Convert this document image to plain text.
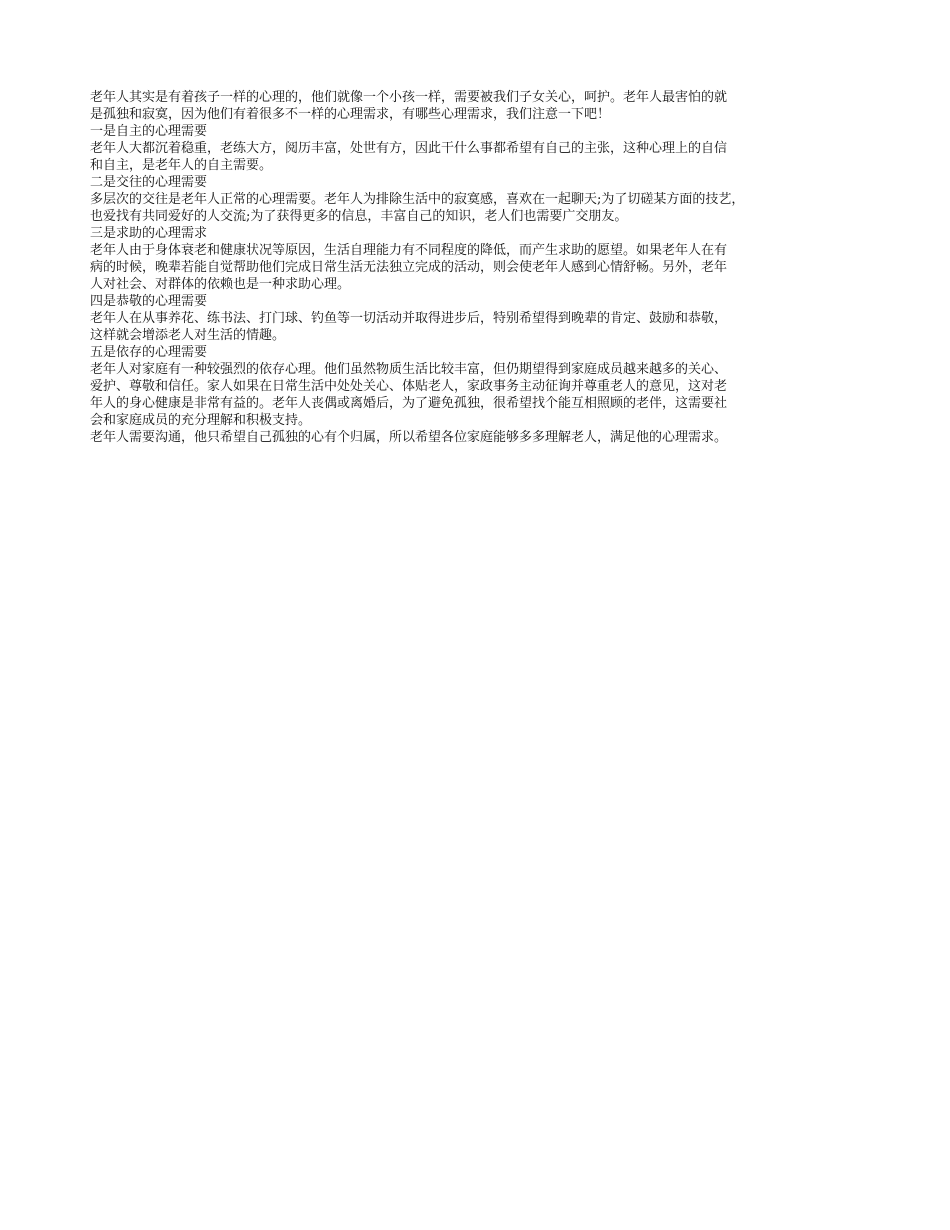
老年人其实是有着孩子一样的心理的，他们就像一个小孩一样，需要被我们子女关心，呵护。老年人最害怕的就
是孤独和寂寞，因为他们有着很多不一样的心理需求，有哪些心理需求，我们注意一下吧！

一是自主的心理需要

老年人大都沉着稳重，老练大方，阅历丰富，处世有方，因此干什么事都希望有自己的主张，这种心理上的自信
和自主，是老年人的自主需要。

二是交往的心理需要

多层次的交往是老年人正常的心理需要。老年人为排除生活中的寂寞感，喜欢在一起聊天;为了切磋某方面的技艺，
也爱找有共同爱好的人交流;为了获得更多的信息，丰富自己的知识，老人们也需要广交朋友。

三是求助的心理需求

老年人由于身体衰老和健康状况等原因，生活自理能力有不同程度的降低，而产生求助的愿望。如果老年人在有
病的时候，晚辈若能自觉帮助他们完成日常生活无法独立完成的活动，则会使老年人感到心情舒畅。另外，老年
人对社会、对群体的依赖也是一种求助心理。

四是恭敬的心理需要

老年人在从事养花、练书法、打门球、钓鱼等一切活动并取得进步后，特别希望得到晚辈的肯定、鼓励和恭敬，
这样就会增添老人对生活的情趣。

五是依存的心理需要

老年人对家庭有一种较强烈的依存心理。他们虽然物质生活比较丰富，但仍期望得到家庭成员越来越多的关心、
爱护、尊敬和信任。家人如果在日常生活中处处关心、体贴老人，家政事务主动征询并尊重老人的意见，这对老
年人的身心健康是非常有益的。老年人丧偶或离婚后，为了避免孤独，很希望找个能互相照顾的老伴，这需要社
会和家庭成员的充分理解和积极支持。

老年人需要沟通，他只希望自己孤独的心有个归属，所以希望各位家庭能够多多理解老人，满足他的心理需求。
